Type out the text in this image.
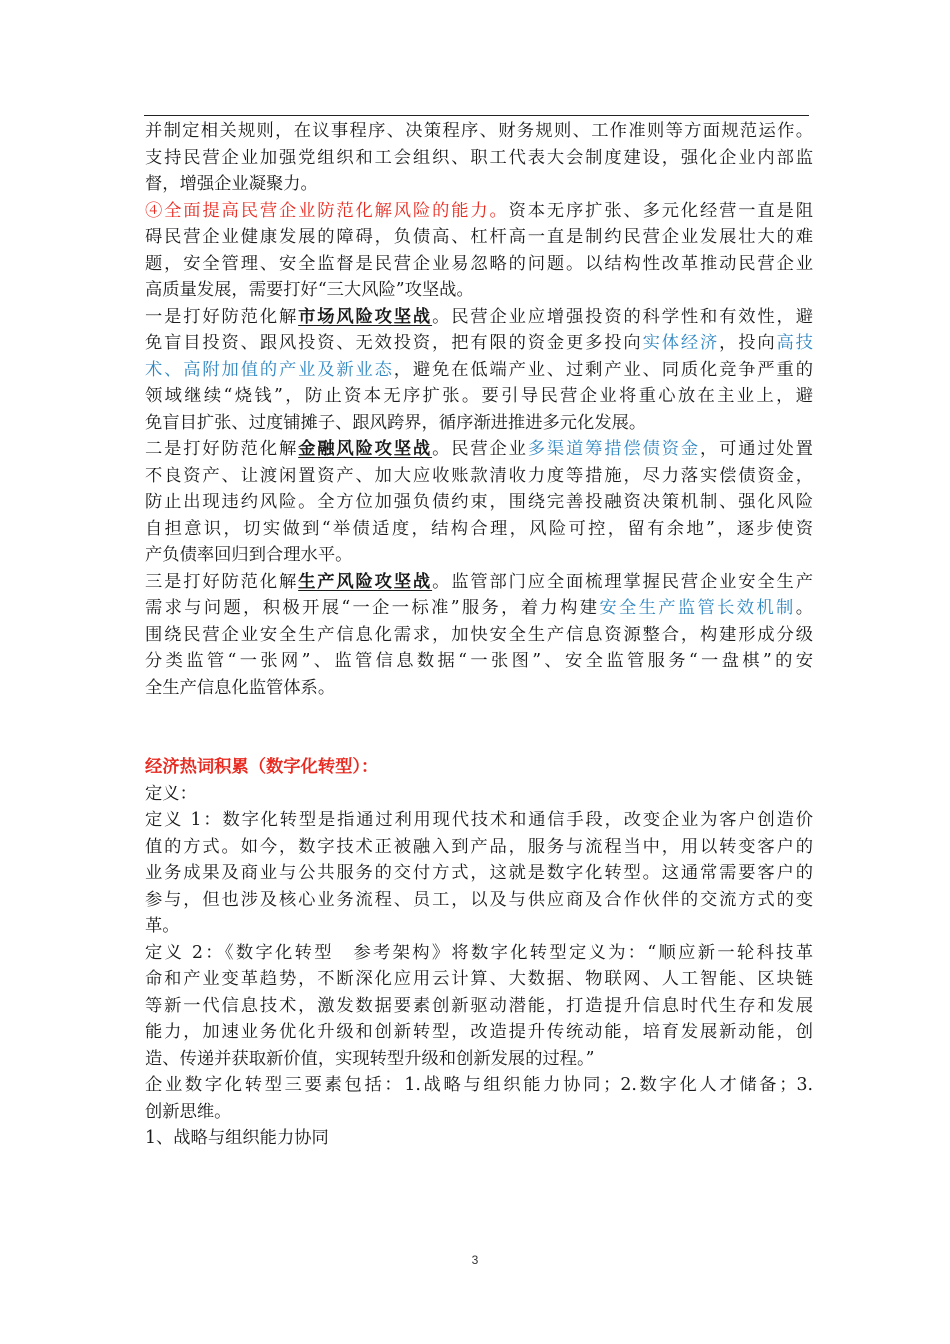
并制定相关规则，在议事程序、决策程序、财务规则、工作准则等方面规范运作。
支持民营企业加强党组织和工会组织、职工代表大会制度建设，强化企业内部监
督，增强企业凝聚力。
④全面提高民营企业防范化解风险的能力。资本无序扩张、多元化经营一直是阻
碍民营企业健康发展的障碍，负债高、杠杆高一直是制约民营企业发展壮大的难
题，安全管理、安全监督是民营企业易忽略的问题。以结构性改革推动民营企业
高质量发展，需要打好“三大风险”攻坚战。
一是打好防范化解市场风险攻坚战。民营企业应增强投资的科学性和有效性，避
免盲目投资、跟风投资、无效投资，把有限的资金更多投向实体经济，投向高技
术、高附加值的产业及新业态，避免在低端产业、过剩产业、同质化竞争严重的
领域继续“烧钱”，防止资本无序扩张。要引导民营企业将重心放在主业上，避
免盲目扩张、过度铺摊子、跟风跨界，循序渐进推进多元化发展。
二是打好防范化解金融风险攻坚战。民营企业多渠道筹措偿债资金，可通过处置
不良资产、让渡闲置资产、加大应收账款清收力度等措施，尽力落实偿债资金，
防止出现违约风险。全方位加强负债约束，围绕完善投融资决策机制、强化风险
自担意识，切实做到“举债适度，结构合理，风险可控，留有余地”，逐步使资
产负债率回归到合理水平。
三是打好防范化解生产风险攻坚战。监管部门应全面梳理掌握民营企业安全生产
需求与问题，积极开展“一企一标准”服务，着力构建安全生产监管长效机制。
围绕民营企业安全生产信息化需求，加快安全生产信息资源整合，构建形成分级
分类监管“一张网”、监管信息数据“一张图”、安全监管服务“一盘棋”的安
全生产信息化监管体系。
经济热词积累（数字化转型）：
定义：
定义 1：数字化转型是指通过利用现代技术和通信手段，改变企业为客户创造价
值的方式。如今，数字技术正被融入到产品，服务与流程当中，用以转变客户的
业务成果及商业与公共服务的交付方式，这就是数字化转型。这通常需要客户的
参与，但也涉及核心业务流程、员工，以及与供应商及合作伙伴的交流方式的变
革。
定义 2：《数字化转型　参考架构》将数字化转型定义为：“顺应新一轮科技革
命和产业变革趋势，不断深化应用云计算、大数据、物联网、人工智能、区块链
等新一代信息技术，激发数据要素创新驱动潜能，打造提升信息时代生存和发展
能力，加速业务优化升级和创新转型，改造提升传统动能，培育发展新动能，创
造、传递并获取新价值，实现转型升级和创新发展的过程。”
企业数字化转型三要素包括：1.战略与组织能力协同；2.数字化人才储备；3.
创新思维。
1、战略与组织能力协同
3
